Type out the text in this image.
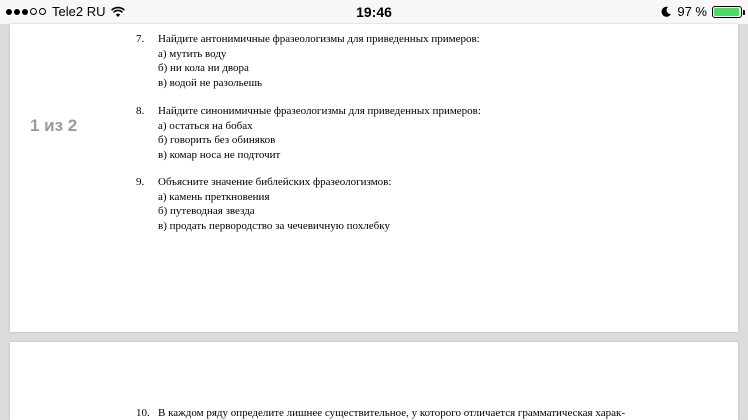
Tele2 RU	19:46	97 %
1 из 2
7.	Найдите антонимичные фразеологизмы для приведенных примеров:
а) мутить воду
б) ни кола ни двора
в) водой не разольешь
8.	Найдите синонимичные фразеологизмы для приведенных примеров:
а) остаться на бобах
б) говорить без обиняков
в) комар носа не подточит
9.	Объясните значение библейских фразеологизмов:
а) камень преткновения
б) путеводная звезда
в) продать первородство за чечевичную похлебку
10. В каждом ряду определите лишнее существительное, у которого отличается грамматическая харак-
